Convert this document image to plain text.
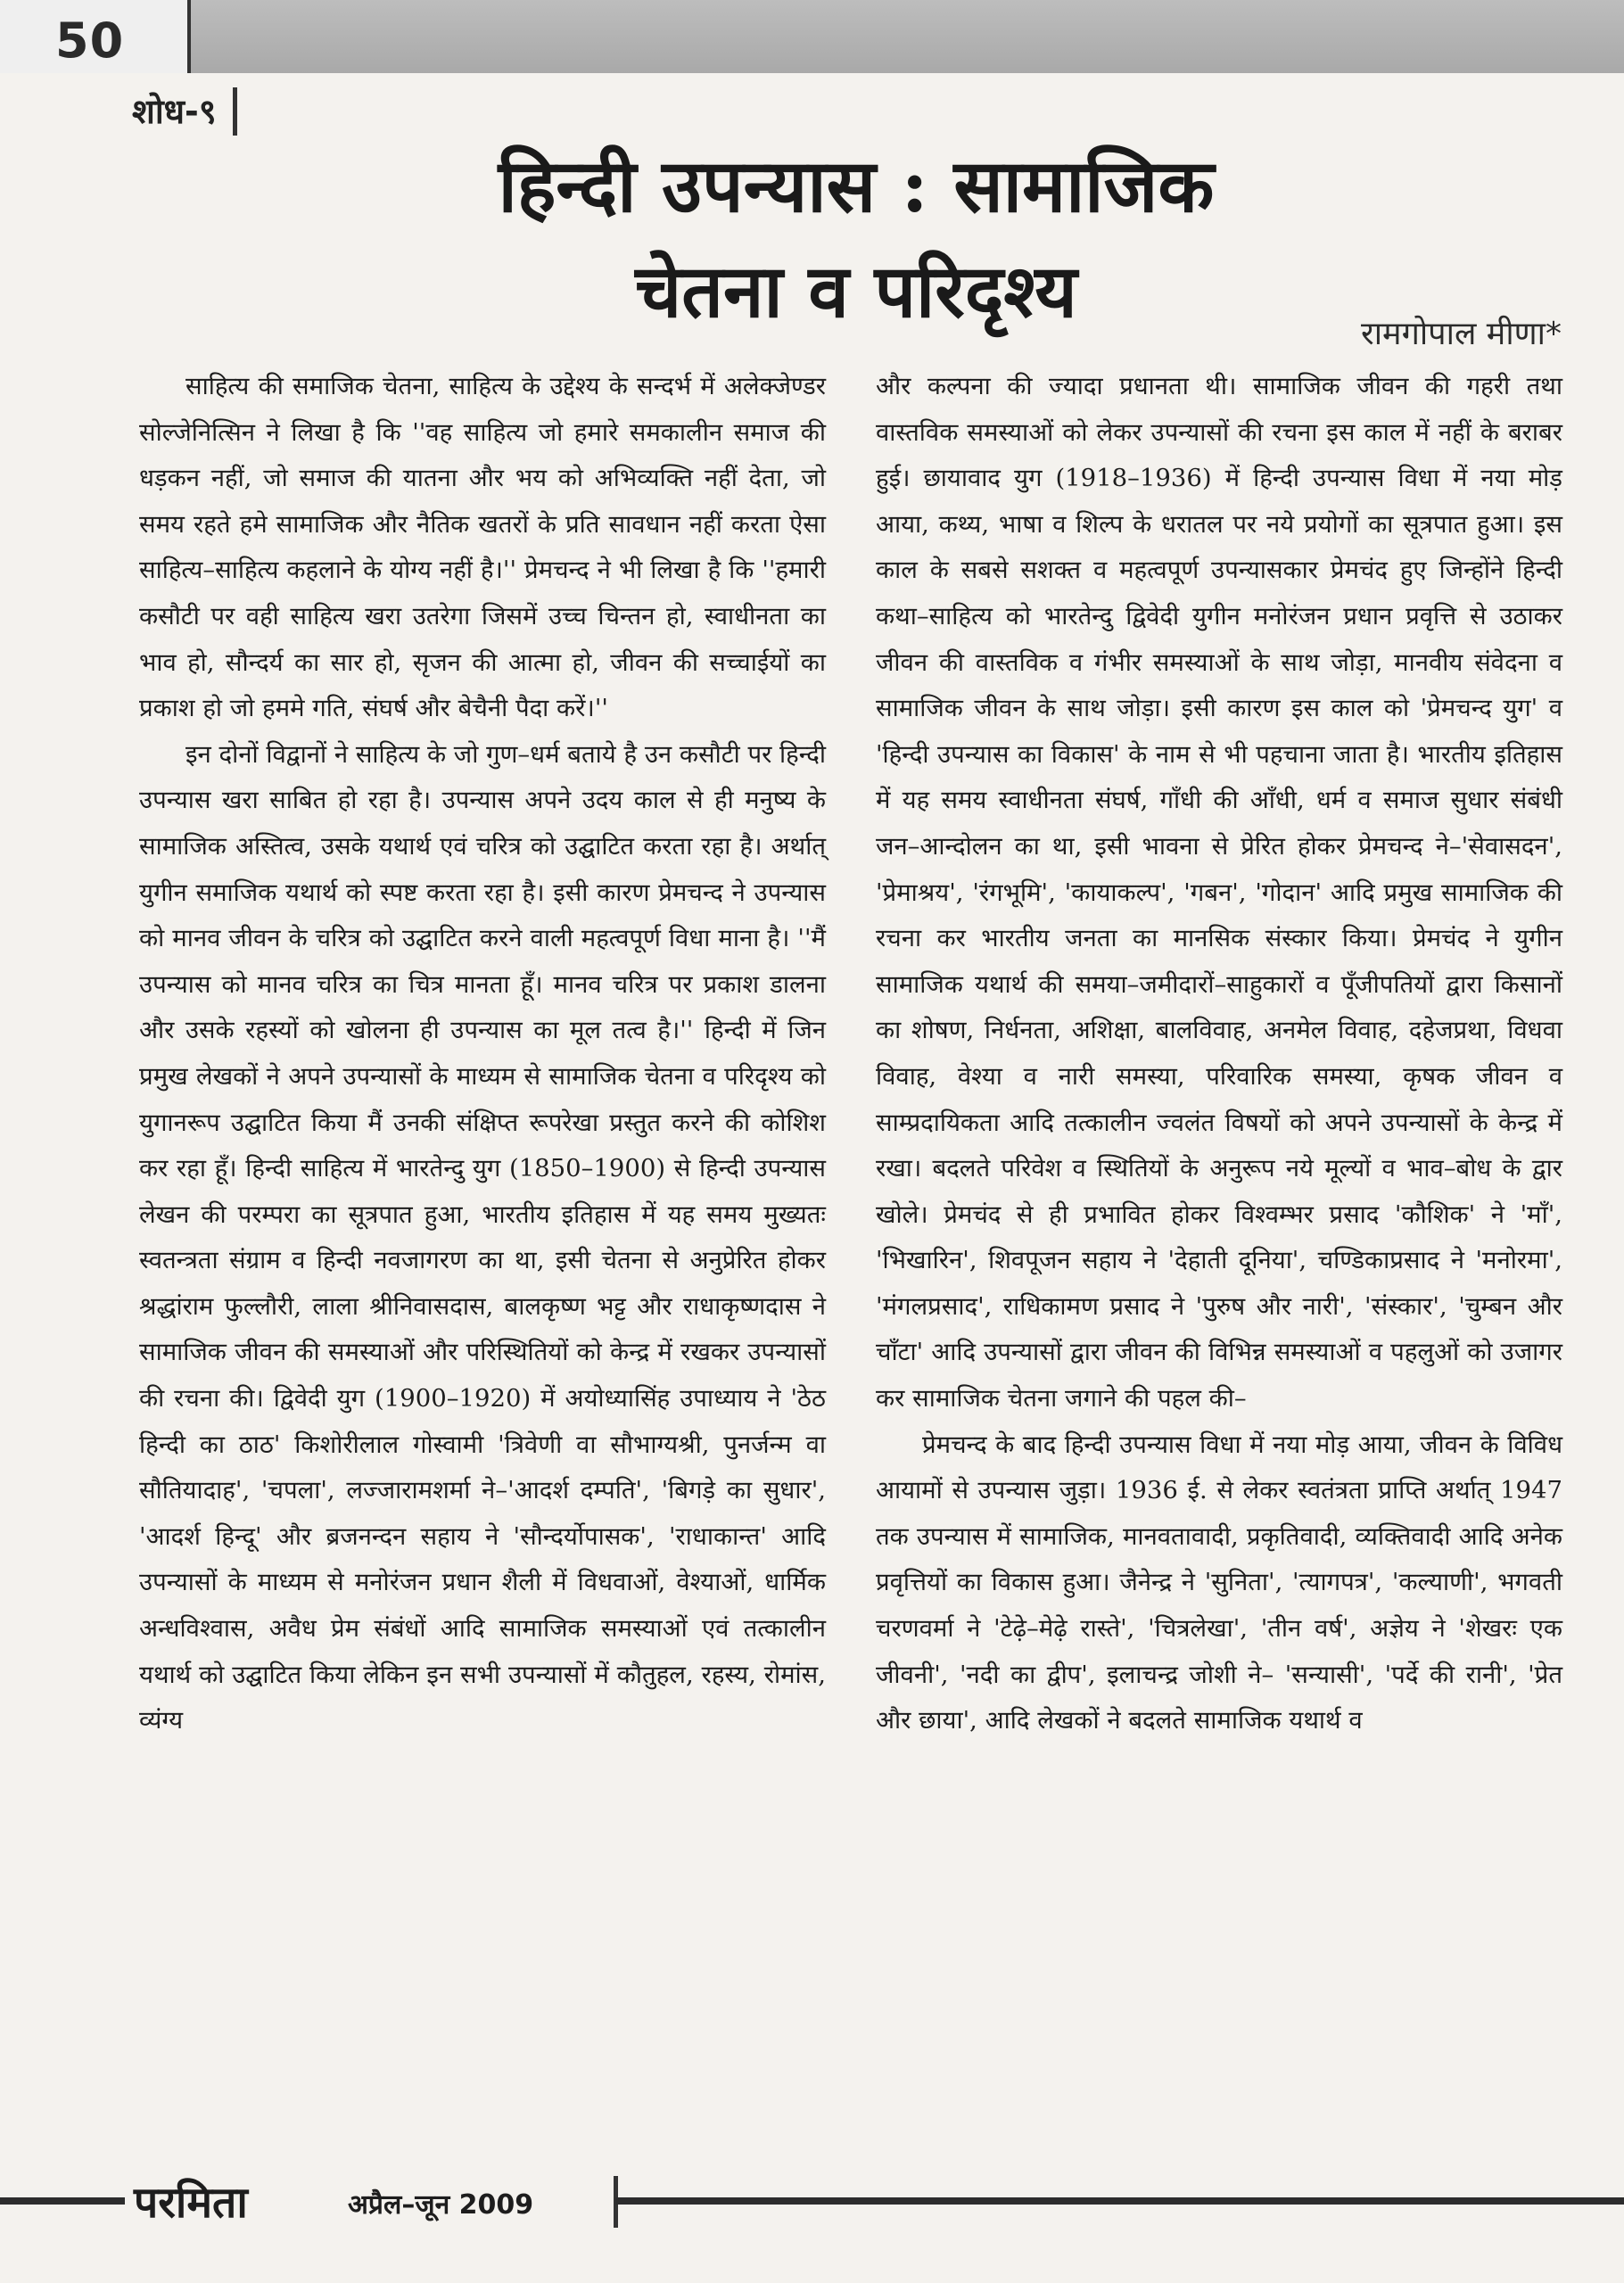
50
शोध-९
हिन्दी उपन्यास : सामाजिक
चेतना व परिदृश्य	रामगोपाल मीणा*

साहित्य की समाजिक चेतना, साहित्य के उद्देश्य के सन्दर्भ में अलेक्जेण्डर सोल्जेनित्सिन ने लिखा है कि ''वह साहित्य जो हमारे समकालीन समाज की धड़कन नहीं, जो समाज की यातना और भय को अभिव्यक्ति नहीं देता, जो समय रहते हमे सामाजिक और नैतिक खतरों के प्रति सावधान नहीं करता ऐसा साहित्य–साहित्य कहलाने के योग्य नहीं है।'' प्रेमचन्द ने भी लिखा है कि ''हमारी कसौटी पर वही साहित्य खरा उतरेगा जिसमें उच्च चिन्तन हो, स्वाधीनता का भाव हो, सौन्दर्य का सार हो, सृजन की आत्मा हो, जीवन की सच्चाईयों का प्रकाश हो जो हममे गति, संघर्ष और बेचैनी पैदा करें।''

इन दोनों विद्वानों ने साहित्य के जो गुण–धर्म बताये है उन कसौटी पर हिन्दी उपन्यास खरा साबित हो रहा है। उपन्यास अपने उदय काल से ही मनुष्य के सामाजिक अस्तित्व, उसके यथार्थ एवं चरित्र को उद्घाटित करता रहा है। अर्थात् युगीन समाजिक यथार्थ को स्पष्ट करता रहा है। इसी कारण प्रेमचन्द ने उपन्यास को मानव जीवन के चरित्र को उद्घाटित करने वाली महत्वपूर्ण विधा माना है। ''मैं उपन्यास को मानव चरित्र का चित्र मानता हूँ। मानव चरित्र पर प्रकाश डालना और उसके रहस्यों को खोलना ही उपन्यास का मूल तत्व है।'' हिन्दी में जिन प्रमुख लेखकों ने अपने उपन्यासों के माध्यम से सामाजिक चेतना व परिदृश्य को युगानरूप उद्घाटित किया मैं उनकी संक्षिप्त रूपरेखा प्रस्तुत करने की कोशिश कर रहा हूँ। हिन्दी साहित्य में भारतेन्दु युग (1850–1900) से हिन्दी उपन्यास लेखन की परम्परा का सूत्रपात हुआ, भारतीय इतिहास में यह समय मुख्यतः स्वतन्त्रता संग्राम व हिन्दी नवजागरण का था, इसी चेतना से अनुप्रेरित होकर श्रद्धांराम फुल्लौरी, लाला श्रीनिवासदास, बालकृष्ण भट्ट और राधाकृष्णदास ने सामाजिक जीवन की समस्याओं और परिस्थितियों को केन्द्र में रखकर उपन्यासों की रचना की। द्विवेदी युग (1900–1920) में अयोध्यासिंह उपाध्याय ने 'ठेठ हिन्दी का ठाठ' किशोरीलाल गोस्वामी 'त्रिवेणी वा सौभाग्यश्री, पुनर्जन्म वा सौतियादाह', 'चपला', लज्जारामशर्मा ने–'आदर्श दम्पति', 'बिगड़े का सुधार', 'आदर्श हिन्दू' और ब्रजनन्दन सहाय ने 'सौन्दर्योपासक', 'राधाकान्त' आदि उपन्यासों के माध्यम से मनोरंजन प्रधान शैली में विधवाओं, वेश्याओं, धार्मिक अन्धविश्वास, अवैध प्रेम संबंधों आदि सामाजिक समस्याओं एवं तत्कालीन यथार्थ को उद्घाटित किया लेकिन इन सभी उपन्यासों में कौतुहल, रहस्य, रोमांस, व्यंग्य

और कल्पना की ज्यादा प्रधानता थी। सामाजिक जीवन की गहरी तथा वास्तविक समस्याओं को लेकर उपन्यासों की रचना इस काल में नहीं के बराबर हुई। छायावाद युग (1918–1936) में हिन्दी उपन्यास विधा में नया मोड़ आया, कथ्य, भाषा व शिल्प के धरातल पर नये प्रयोगों का सूत्रपात हुआ। इस काल के सबसे सशक्त व महत्वपूर्ण उपन्यासकार प्रेमचंद हुए जिन्होंने हिन्दी कथा–साहित्य को भारतेन्दु द्विवेदी युगीन मनोरंजन प्रधान प्रवृत्ति से उठाकर जीवन की वास्तविक व गंभीर समस्याओं के साथ जोड़ा, मानवीय संवेदना व सामाजिक जीवन के साथ जोड़ा। इसी कारण इस काल को 'प्रेमचन्द युग' व 'हिन्दी उपन्यास का विकास' के नाम से भी पहचाना जाता है। भारतीय इतिहास में यह समय स्वाधीनता संघर्ष, गाँधी की आँधी, धर्म व समाज सुधार संबंधी जन–आन्दोलन का था, इसी भावना से प्रेरित होकर प्रेमचन्द ने–'सेवासदन', 'प्रेमाश्रय', 'रंगभूमि', 'कायाकल्प', 'गबन', 'गोदान' आदि प्रमुख सामाजिक की रचना कर भारतीय जनता का मानसिक संस्कार किया। प्रेमचंद ने युगीन सामाजिक यथार्थ की समया–जमीदारों–साहुकारों व पूँजीपतियों द्वारा किसानों का शोषण, निर्धनता, अशिक्षा, बालविवाह, अनमेल विवाह, दहेजप्रथा, विधवा विवाह, वेश्या व नारी समस्या, परिवारिक समस्या, कृषक जीवन व साम्प्रदायिकता आदि तत्कालीन ज्वलंत विषयों को अपने उपन्यासों के केन्द्र में रखा। बदलते परिवेश व स्थितियों के अनुरूप नये मूल्यों व भाव–बोध के द्वार खोले। प्रेमचंद से ही प्रभावित होकर विश्वम्भर प्रसाद 'कौशिक' ने 'माँ', 'भिखारिन', शिवपूजन सहाय ने 'देहाती दूनिया', चण्डिकाप्रसाद ने 'मनोरमा', 'मंगलप्रसाद', राधिकामण प्रसाद ने 'पुरुष और नारी', 'संस्कार', 'चुम्बन और चाँटा' आदि उपन्यासों द्वारा जीवन की विभिन्न समस्याओं व पहलुओं को उजागर कर सामाजिक चेतना जगाने की पहल की–

प्रेमचन्द के बाद हिन्दी उपन्यास विधा में नया मोड़ आया, जीवन के विविध आयामों से उपन्यास जुड़ा। 1936 ई. से लेकर स्वतंत्रता प्राप्ति अर्थात् 1947 तक उपन्यास में सामाजिक, मानवतावादी, प्रकृतिवादी, व्यक्तिवादी आदि अनेक प्रवृत्तियों का विकास हुआ। जैनेन्द्र ने 'सुनिता', 'त्यागपत्र', 'कल्याणी', भगवती चरणवर्मा ने 'टेढ़े–मेढ़े रास्ते', 'चित्रलेखा', 'तीन वर्ष', अज्ञेय ने 'शेखरः एक जीवनी', 'नदी का द्वीप', इलाचन्द्र जोशी ने– 'सन्यासी', 'पर्दे की रानी', 'प्रेत और छाया', आदि लेखकों ने बदलते सामाजिक यथार्थ व

परमिता	अप्रैल–जून 2009
